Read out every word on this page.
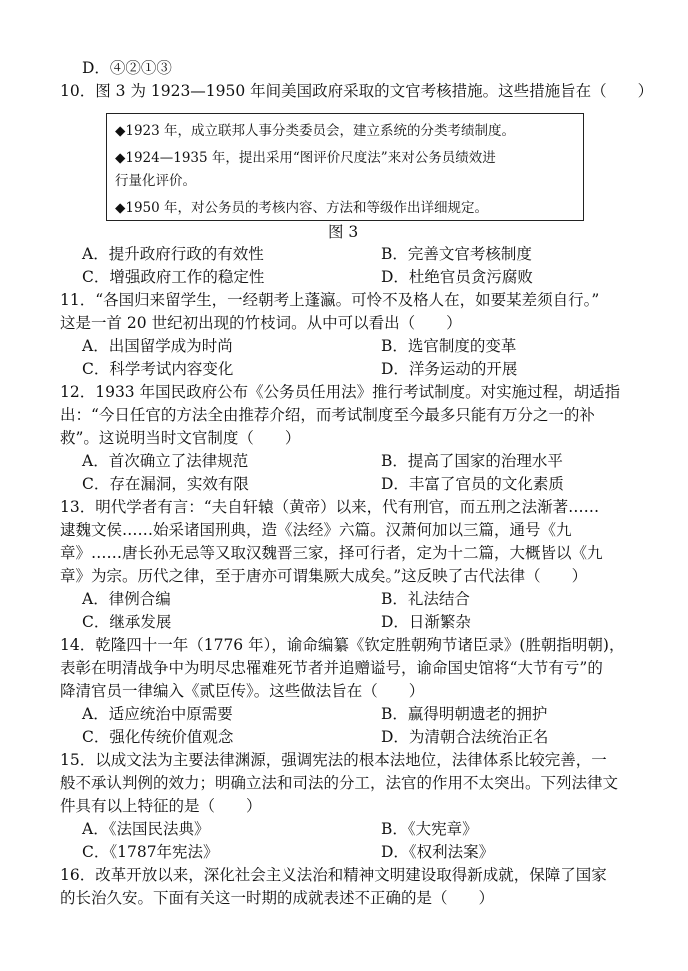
D．④②①③
10．图 3 为 1923—1950 年间美国政府采取的文官考核措施。这些措施旨在（　　）
◆1923 年，成立联邦人事分类委员会，建立系统的分类考绩制度。
◆1924—1935 年，提出采用“图评价尺度法”来对公务员绩效进
行量化评价。
◆1950 年，对公务员的考核内容、方法和等级作出详细规定。
图 3
A．提升政府行政的有效性	B．完善文官考核制度
C．增强政府工作的稳定性	D．杜绝官员贪污腐败
11．“各国归来留学生，一经朝考上蓬瀛。可怜不及格人在，如要某差须自行。”
这是一首 20 世纪初出现的竹枝词。从中可以看出（　　）
A．出国留学成为时尚	B．选官制度的变革
C．科学考试内容变化	D．洋务运动的开展
12．1933 年国民政府公布《公务员任用法》推行考试制度。对实施过程，胡适指
出：“今日任官的方法全由推荐介绍，而考试制度至今最多只能有万分之一的补
救”。这说明当时文官制度（　　）
A．首次确立了法律规范	B．提高了国家的治理水平
C．存在漏洞，实效有限	D．丰富了官员的文化素质
13．明代学者有言：“夫自轩辕（黄帝）以来，代有刑官，而五刑之法渐著……
逮魏文侯……始采诸国刑典，造《法经》六篇。汉萧何加以三篇，通号《九
章》……唐长孙无忌等又取汉魏晋三家，择可行者，定为十二篇，大概皆以《九
章》为宗。历代之律，至于唐亦可谓集厥大成矣。”这反映了古代法律（　　）
A．律例合编	B．礼法结合
C．继承发展	D．日渐繁杂
14．乾隆四十一年（1776 年），谕命编纂《钦定胜朝殉节诸臣录》(胜朝指明朝)，
表彰在明清战争中为明尽忠罹难死节者并追赠谥号，谕命国史馆将“大节有亏”的
降清官员一律编入《贰臣传》。这些做法旨在（　　）
A．适应统治中原需要	B．赢得明朝遗老的拥护
C．强化传统价值观念	D．为清朝合法统治正名
15．以成文法为主要法律渊源，强调宪法的根本法地位，法律体系比较完善，一
般不承认判例的效力；明确立法和司法的分工，法官的作用不太突出。下列法律文
件具有以上特征的是（　　）
A．《法国民法典》	B．《大宪章》
C．《1787年宪法》	D．《权利法案》
16．改革开放以来，深化社会主义法治和精神文明建设取得新成就，保障了国家
的长治久安。下面有关这一时期的成就表述不正确的是（　　）
